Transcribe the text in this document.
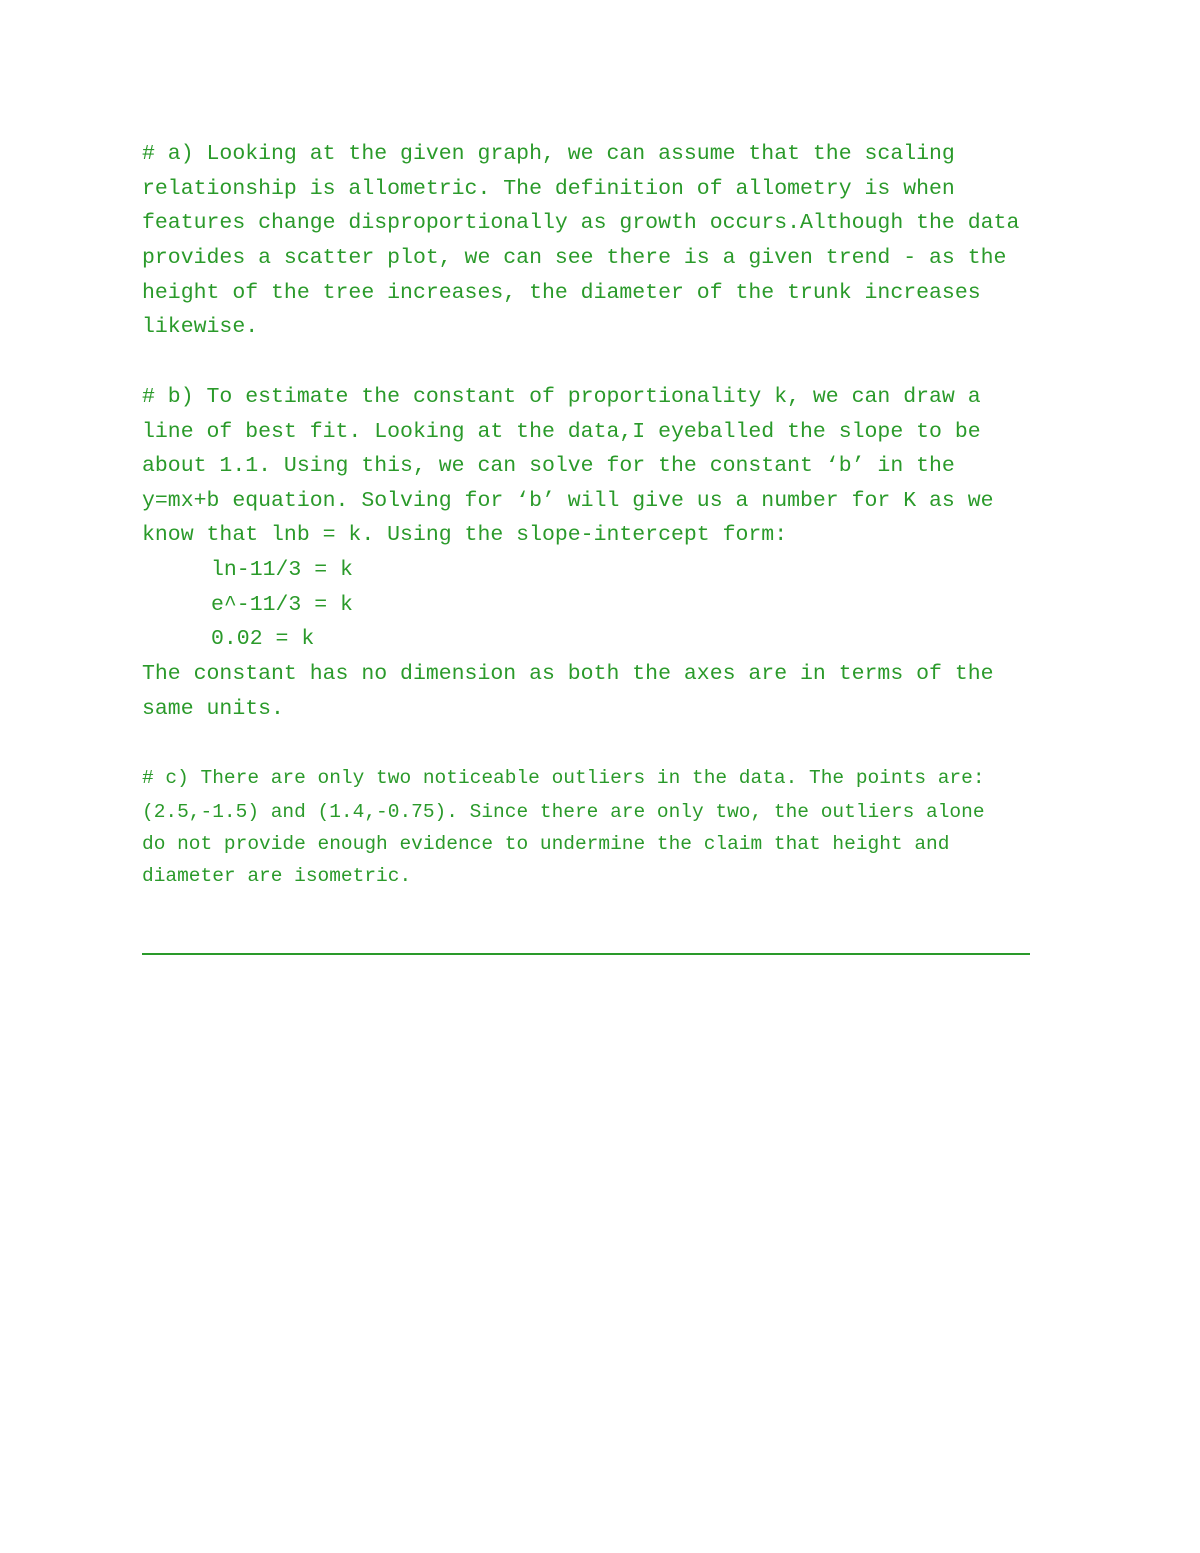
# a) Looking at the given graph, we can assume that the scaling

relationship is allometric. The definition of allometry is when

features change disproportionally as growth occurs.Although the data

provides a scatter plot, we can see there is a given trend - as the

height of the tree increases, the diameter of the trunk increases

likewise.

# b) To estimate the constant of proportionality k, we can draw a

line of best fit. Looking at the data,I eyeballed the slope to be

about 1.1. Using this, we can solve for the constant ‘b’ in the

y=mx+b equation. Solving for ‘b’ will give us a number for K as we

know that lnb = k. Using the slope-intercept form:

ln-11/3 = k

e^-11/3 = k

0.02 = k

The constant has no dimension as both the axes are in terms of the

same units.

# c) There are only two noticeable outliers in the data. The points are:

(2.5,-1.5) and (1.4,-0.75). Since there are only two, the outliers alone

do not provide enough evidence to undermine the claim that height and

diameter are isometric.
